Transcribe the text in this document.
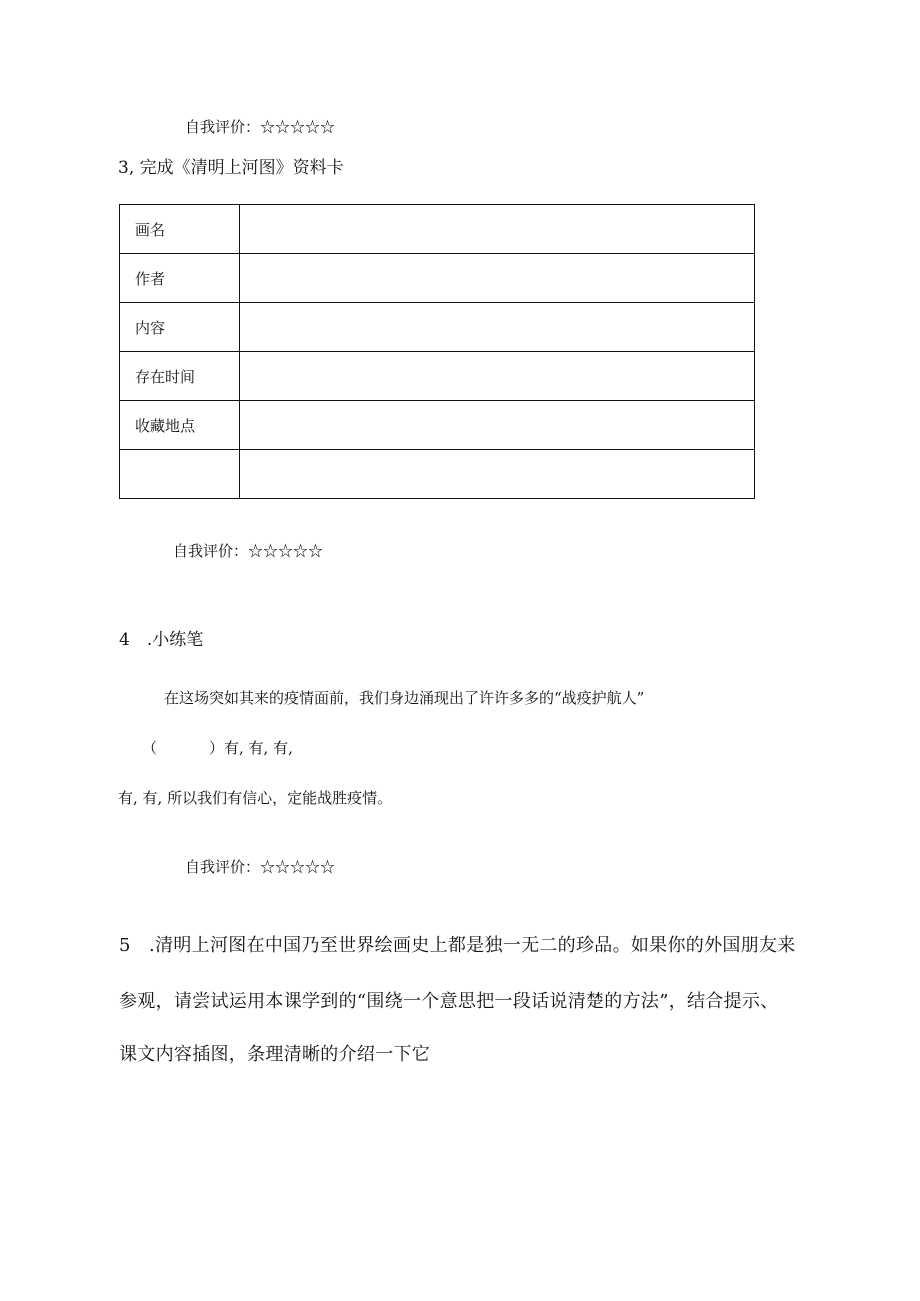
自我评价：☆☆☆☆☆
3, 完成《清明上河图》资料卡
画名	
作者	
内容	
存在时间	
收藏地点	

自我评价：☆☆☆☆☆
4　.小练笔
在这场突如其来的疫情面前，我们身边涌现出了许许多多的“战疫护航人”
（	）有, 有, 有,
有, 有, 所以我们有信心，定能战胜疫情。
自我评价：☆☆☆☆☆
5　.清明上河图在中国乃至世界绘画史上都是独一无二的珍品。如果你的外国朋友来
参观，请尝试运用本课学到的“围绕一个意思把一段话说清楚的方法”，结合提示、
课文内容插图，条理清晰的介绍一下它
